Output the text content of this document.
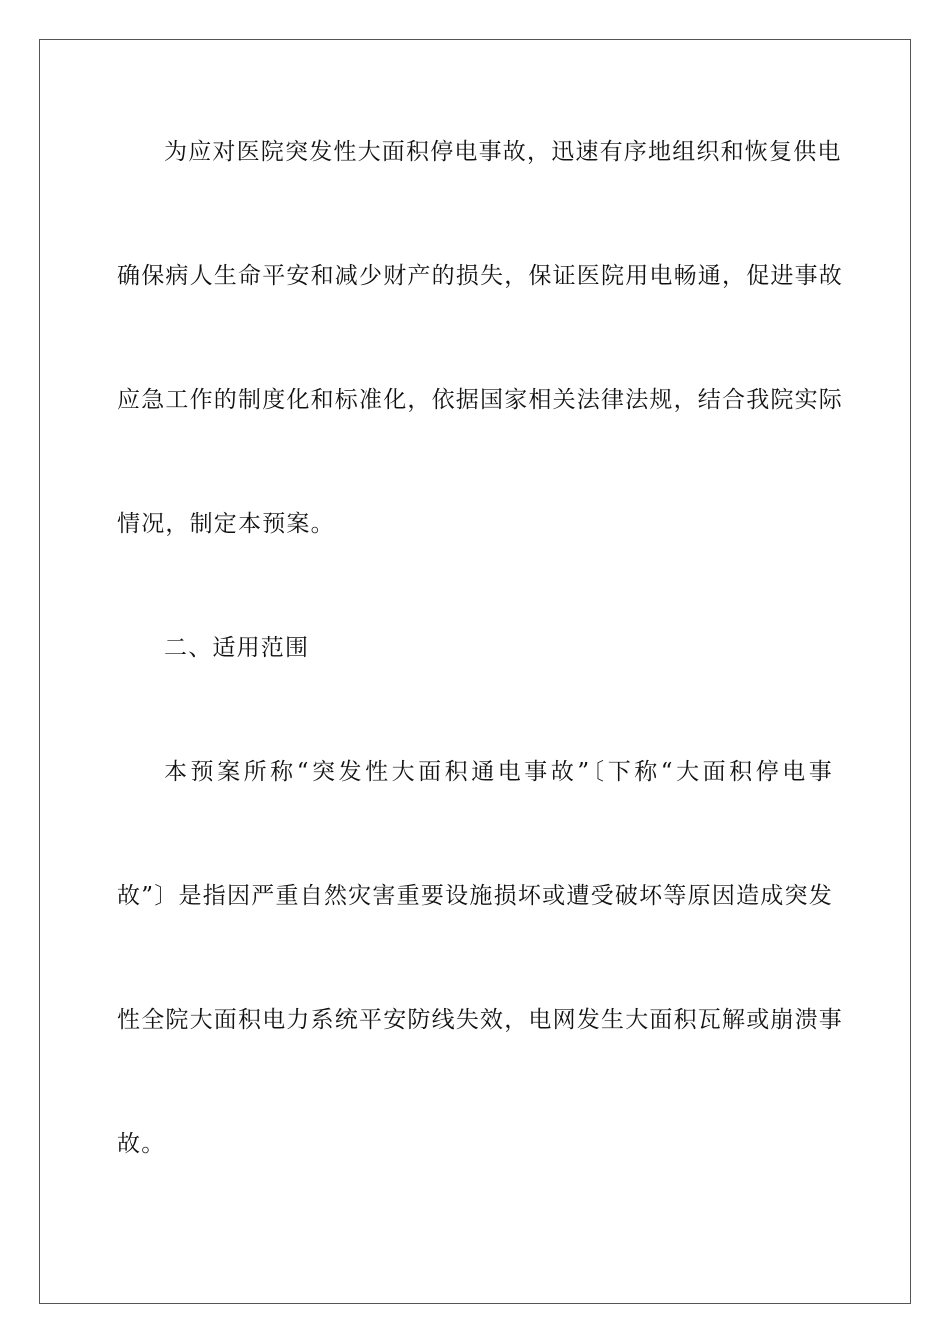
为应对医院突发性大面积停电事故，迅速有序地组织和恢复供电
确保病人生命平安和减少财产的损失，保证医院用电畅通，促进事故
应急工作的制度化和标准化，依据国家相关法律法规，结合我院实际
情况，制定本预案。
二、适用范围
本预案所称“突发性大面积通电事故”〔下称“大面积停电事
故”〕是指因严重自然灾害重要设施损坏或遭受破坏等原因造成突发
性全院大面积电力系统平安防线失效，电网发生大面积瓦解或崩溃事
故。
